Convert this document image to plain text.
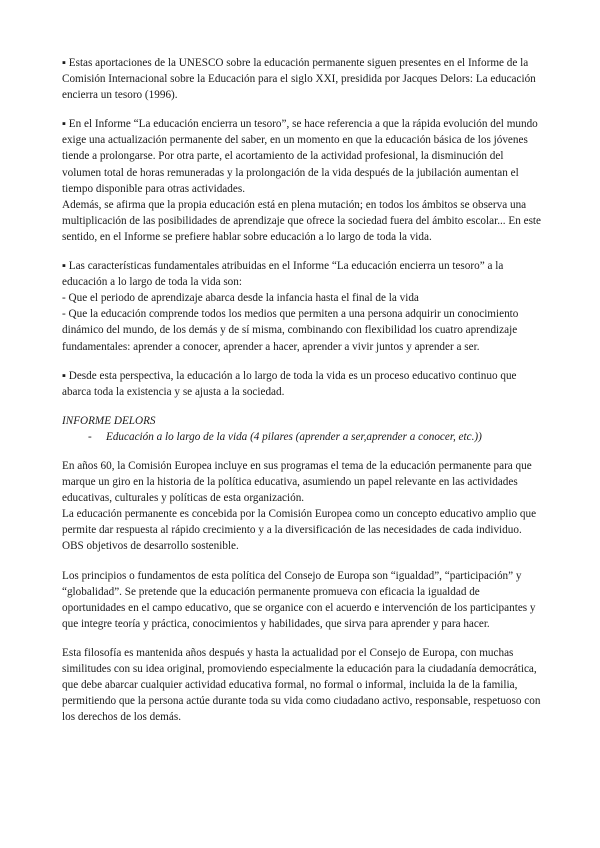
▪ Estas aportaciones de la UNESCO sobre la educación permanente siguen presentes en el Informe de la Comisión Internacional sobre la Educación para el siglo XXI, presidida por Jacques Delors: La educación encierra un tesoro (1996).

▪ En el Informe “La educación encierra un tesoro”, se hace referencia a que la rápida evolución del mundo exige una actualización permanente del saber, en un momento en que la educación básica de los jóvenes tiende a prolongarse. Por otra parte, el acortamiento de la actividad profesional, la disminución del volumen total de horas remuneradas y la prolongación de la vida después de la jubilación aumentan el tiempo disponible para otras actividades.

Además, se afirma que la propia educación está en plena mutación; en todos los ámbitos se observa una multiplicación de las posibilidades de aprendizaje que ofrece la sociedad fuera del ámbito escolar... En este sentido, en el Informe se prefiere hablar sobre educación a lo largo de toda la vida.

▪ Las características fundamentales atribuidas en el Informe “La educación encierra un tesoro” a la educación a lo largo de toda la vida son:

- Que el periodo de aprendizaje abarca desde la infancia hasta el final de la vida

- Que la educación comprende todos los medios que permiten a una persona adquirir un conocimiento dinámico del mundo, de los demás y de sí misma, combinando con flexibilidad los cuatro aprendizaje fundamentales: aprender a conocer, aprender a hacer, aprender a vivir juntos y aprender a ser.

▪ Desde esta perspectiva, la educación a lo largo de toda la vida es un proceso educativo continuo que abarca toda la existencia y se ajusta a la sociedad.

INFORME DELORS

- Educación a lo largo de la vida (4 pilares (aprender a ser,aprender a conocer, etc.))

En años 60, la Comisión Europea incluye en sus programas el tema de la educación permanente para que marque un giro en la historia de la política educativa, asumiendo un papel relevante en las actividades educativas, culturales y políticas de esta organización.

La educación permanente es concebida por la Comisión Europea como un concepto educativo amplio que permite dar respuesta al rápido crecimiento y a la diversificación de las necesidades de cada individuo. OBS objetivos de desarrollo sostenible.

Los principios o fundamentos de esta política del Consejo de Europa son “igualdad”, “participación” y “globalidad”. Se pretende que la educación permanente promueva con eficacia la igualdad de oportunidades en el campo educativo, que se organice con el acuerdo e intervención de los participantes y que integre teoría y práctica, conocimientos y habilidades, que sirva para aprender y para hacer.

Esta filosofía es mantenida años después y hasta la actualidad por el Consejo de Europa, con muchas similitudes con su idea original, promoviendo especialmente la educación para la ciudadanía democrática, que debe abarcar cualquier actividad educativa formal, no formal o informal, incluida la de la familia, permitiendo que la persona actúe durante toda su vida como ciudadano activo, responsable, respetuoso con los derechos de los demás.
